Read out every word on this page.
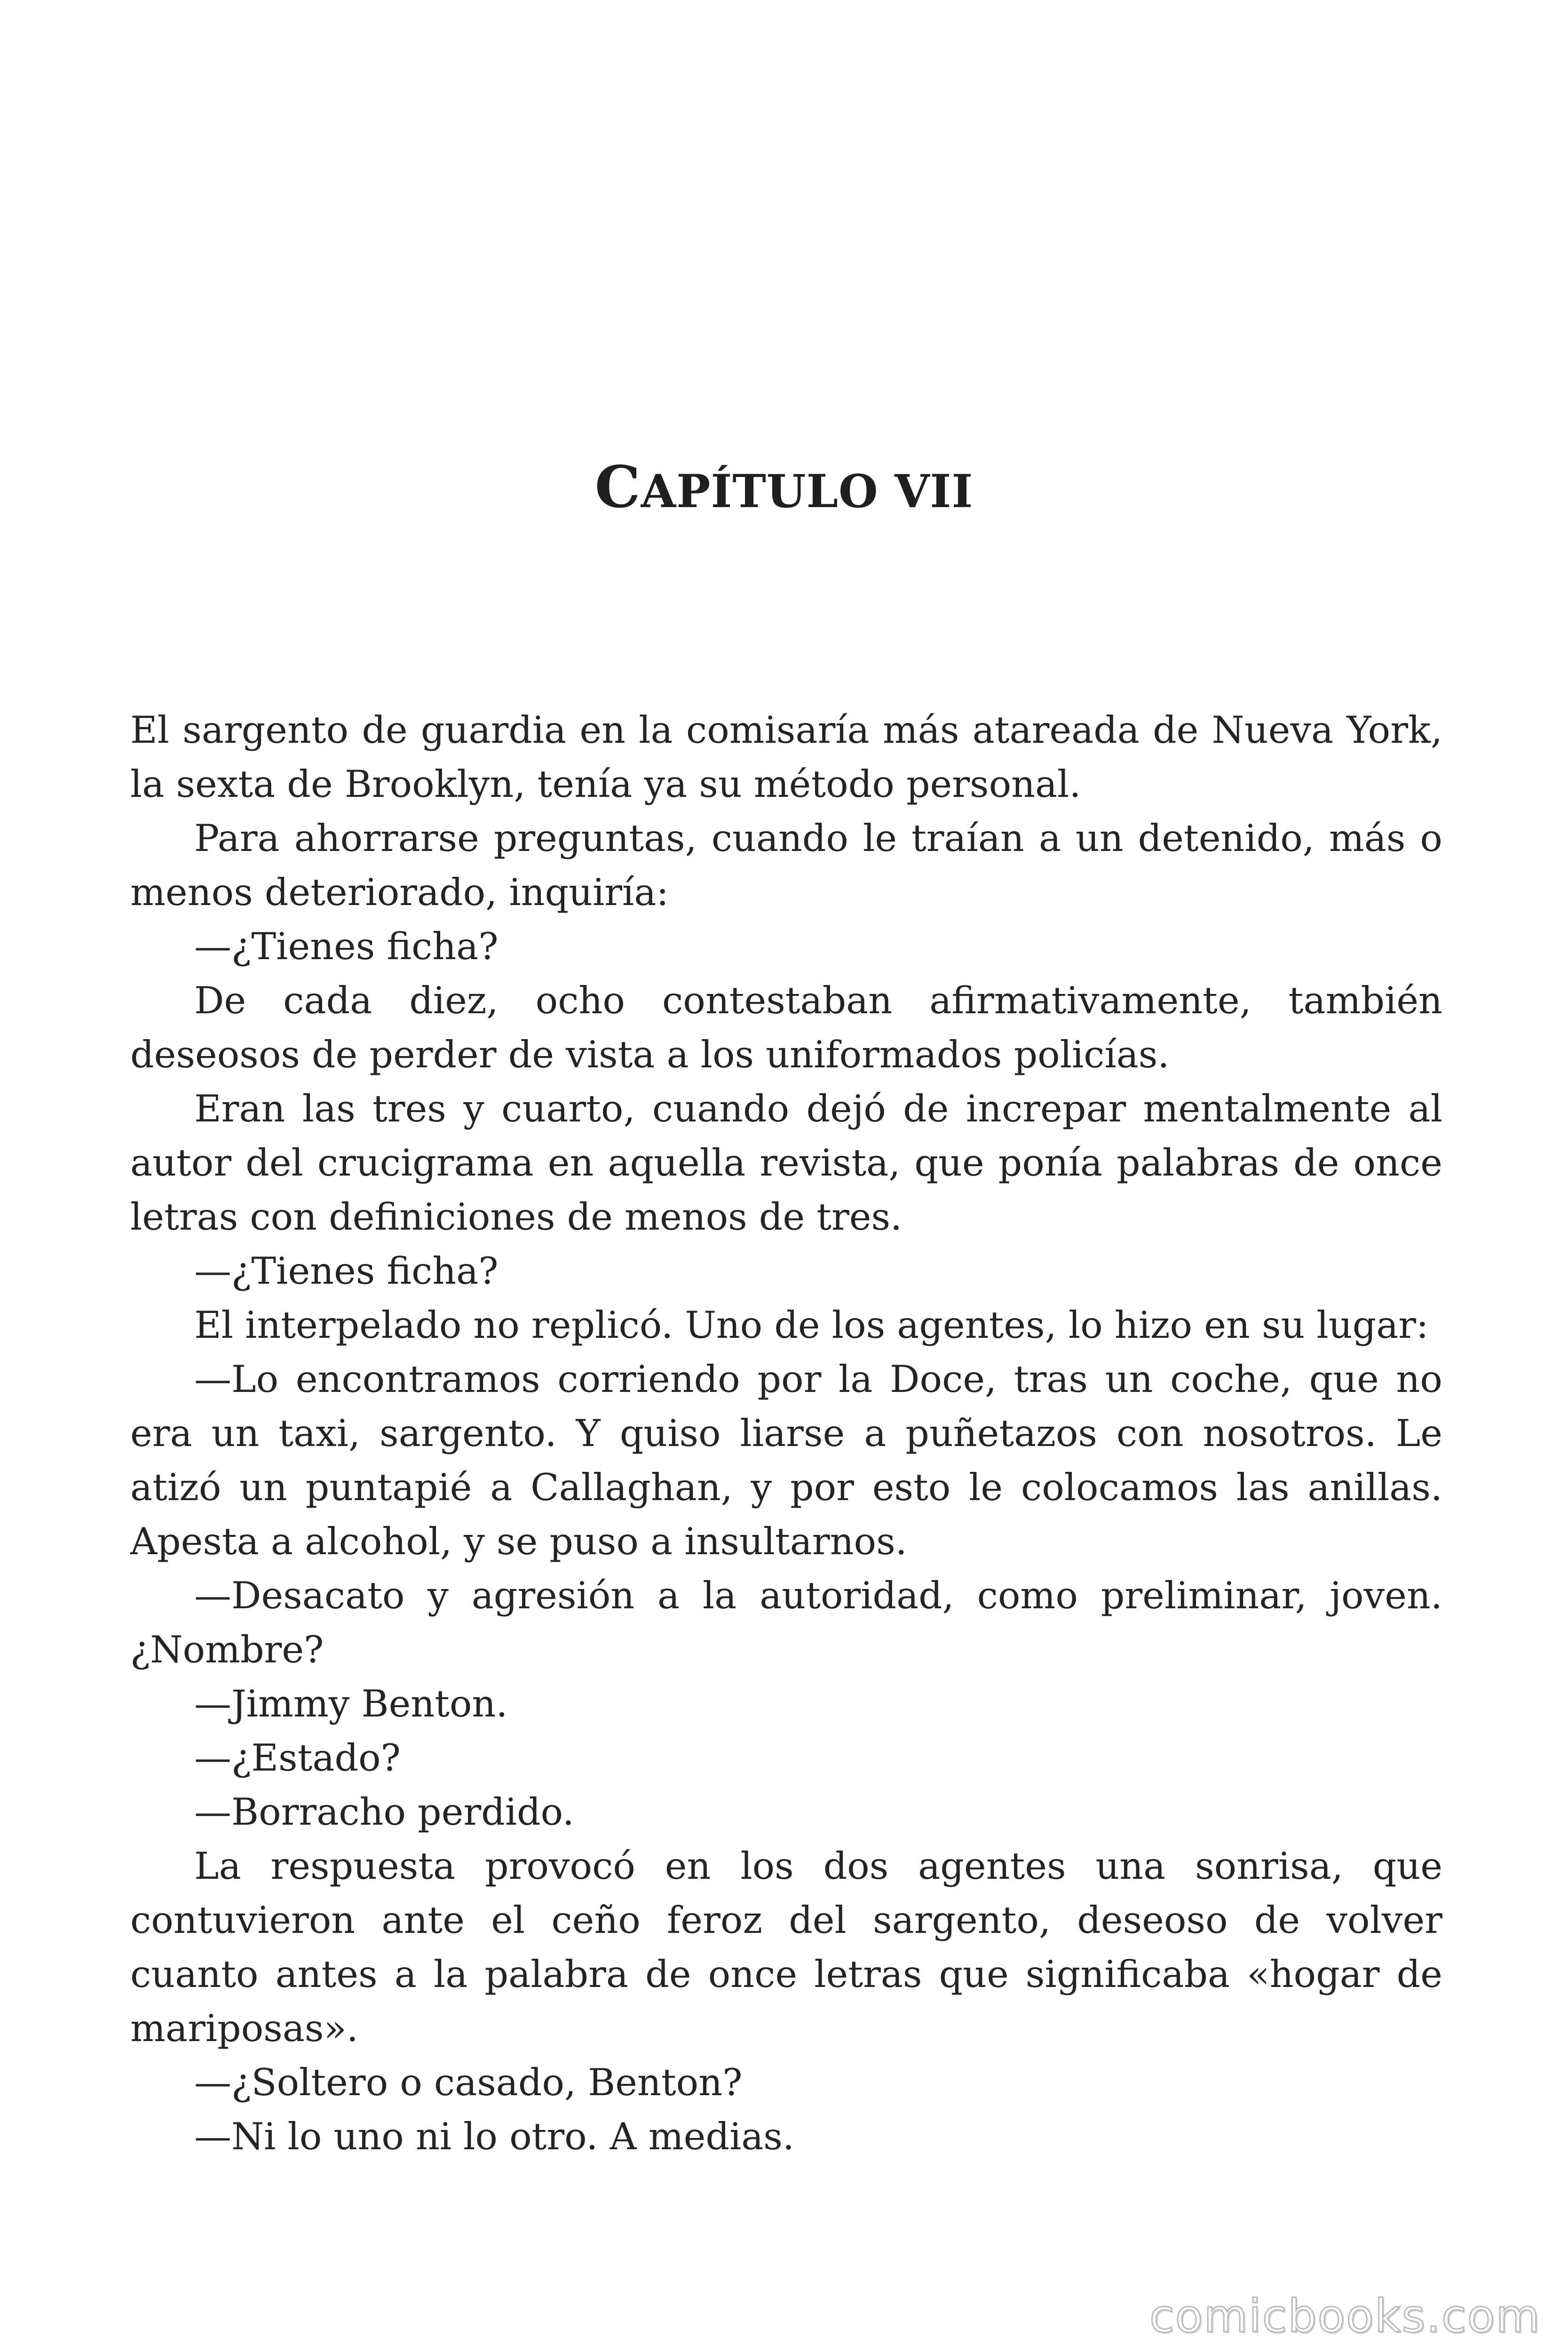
CAPÍTULO VII

El sargento de guardia en la comisaría más atareada de Nueva York, la sexta de Brooklyn, tenía ya su método personal.

Para ahorrarse preguntas, cuando le traían a un detenido, más o menos deteriorado, inquiría:

—¿Tienes ficha?

De cada diez, ocho contestaban afirmativamente, también deseosos de perder de vista a los uniformados policías.

Eran las tres y cuarto, cuando dejó de increpar mentalmente al autor del crucigrama en aquella revista, que ponía palabras de once letras con definiciones de menos de tres.

—¿Tienes ficha?

El interpelado no replicó. Uno de los agentes, lo hizo en su lugar:

—Lo encontramos corriendo por la Doce, tras un coche, que no era un taxi, sargento. Y quiso liarse a puñetazos con nosotros. Le atizó un puntapié a Callaghan, y por esto le colocamos las anillas. Apesta a alcohol, y se puso a insultarnos.

—Desacato y agresión a la autoridad, como preliminar, joven. ¿Nombre?

—Jimmy Benton.

—¿Estado?

—Borracho perdido.

La respuesta provocó en los dos agentes una sonrisa, que contuvieron ante el ceño feroz del sargento, deseoso de volver cuanto antes a la palabra de once letras que significaba «hogar de mariposas».

—¿Soltero o casado, Benton?

—Ni lo uno ni lo otro. A medias.

comicbooks.com
